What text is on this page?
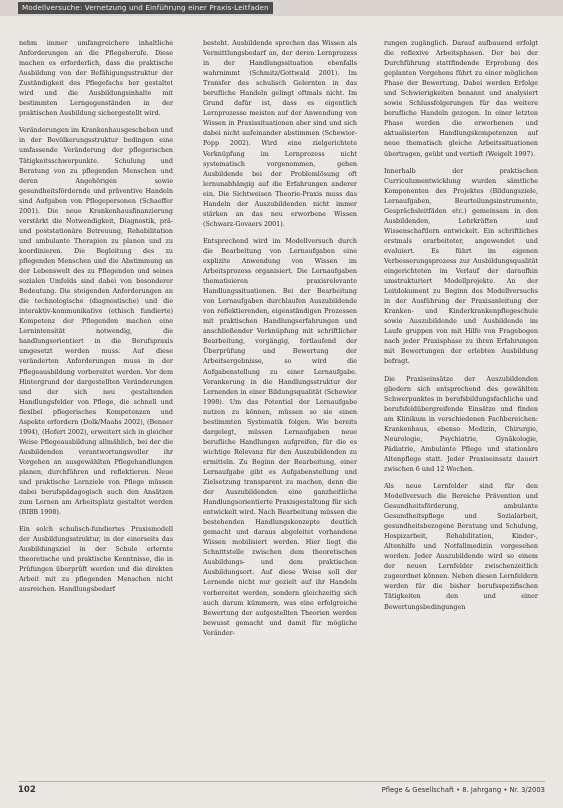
Modellversuche: Vernetzung und Einführung einer Praxis-Leitfaden

nehm immer umfangreichere inhaltliche Anforderungen an die Pflegeberufe. Diese machen es erforderlich, dass die praktische Ausbildung von der Befähigungsstruktur der Zuständigkeit des Pflegefachs her gestaltet wird und die Ausbildungsinhalte mit bestimmten Lerngegenständen in der praktischen Ausbildung sichergestellt wird.

Veränderungen im Krankenhausgeschehen und in der Bevölkerungsstruktur bedingen eine umfassende Veränderung der pflegerischen Tätigkeitsschwerpunkte. Schulung und Beratung von zu pflegenden Menschen und deren Angehörigen sowie gesundheitsfördernde und präventive Handeln sind Aufgaben von Pflegepersonen (Schaeffer 2001). Die neue Krankenhausfinanzierung verstärkt die Notwendigkeit, Diagnostik, prä- und poststationäre Betreuung, Rehabilitation und ambulante Therapien zu planen und zu koordinieren. Die Begleitung des zu pflegenden Menschen und die Abstimmung an der Lebenswelt des zu Pflegenden und seines sozialen Umfelds sind dabei von besonderer Bedeutung. Die steigenden Anforderungen an die technologische (diagnostische) und die interaktiv-kommunikative (ethisch fundierte) Kompetenz der Pflegenden machen eine Lernintensität notwendig, die handlungsorientiert in die Berufspraxis umgesetzt werden muss. Auf diese veränderten Anforderungen muss in der Pflegeausbildung vorbereitet werden. Vor dem Hintergrund der dargestellten Veränderungen und der sich neu gestaltenden Handlungsfelder von Pflege, die schnell und flexibel pflegerisches Kompetenzen und Aspekte erfordern (Dolk/Maahs 2002), (Benner 1994), (Hofert 2002), erweitert sich in gleicher Weise Pflegeausbildung allmählich, bei der die Ausbildenden verantwortungsvoller ihr Vorgehen an ausgewählten Pflegehandlungen planen, durchführen und reflektieren. Neue und praktische Lernziele von Pflege müssen dabei berufspädagogisch auch den Ansätzen zum Lernen am Arbeitsplatz gestaltet werden (BIBB 1998).

Ein solch schulisch-fundiertes Praxismodell der Ausbildungsstruktur, in der einerseits das Ausbildungsziel in der Schule erlernte theoretische und praktische Kenntnisse, die in Prüfungen überprüft werden und die direkten Arbeit mit zu pflegenden Menschen nicht ausreichen. Handlungsbedarf

besteht. Ausbildende sprechen das Wissen als Vermittlungsbedarf an, der deren Lernprozess in der Handlungssituation ebenfalls wahrnimmt (Schmitz/Gottwald 2001). Im Transfer des schulisch Gelernten in das berufliche Handeln gelingt oftmals nicht. Im Grund dafür ist, dass es eigentlich Lernprozesse meisten auf der Anwendung von Wissen in Praxissituationen aber sind und sich dabei nicht aufeinander abstimmen (Schewior-Popp 2002). Wird eine zielgerichtete Verknüpfung im Lernprozess nicht systematisch vorgenommen, gehen Ausbildende bei der Problemlösung oft lernunabhängig auf die Erfahrungen anderer ein. Die Sichtweisen Theorie-Praxis muss das Handeln der Auszubildenden nicht immer stärken an das neu erworbene Wissen (Schwarz-Govaers 2001).

Entsprechend wird im Modellversuch durch die Bearbeitung von Lernaufgaben eine explizite Anwendung von Wissen im Arbeitsprozess organisiert. Die Lernaufgaben thematisieren praxisrelevante Handlungssituationen. Bei der Bearbeitung von Lernaufgaben durchlaufen Auszubildende von reflektierenden, eigenständigen Prozessen mit praktischen Handlungserfahrungen und anschließender Verknüpfung mit schriftlicher Bearbeitung, vorgängig, fortlaufend der Überprüfung und Bewertung der Arbeitsergebnisse, so wird die Aufgabenstellung zu einer Lernaufgabe. Verankerung in die Handlungsstruktur der Lernenden in einer Bildungsqualität (Schewior 1998). Um das Potential der Lernaufgabe nutzen zu können, müssen so sie einen bestimmten Systematik folgen. Wie bereits dargelegt, müssen Lernaufgaben neue berufliche Handlungen aufgreifen, für die es wichtige Relevanz für den Auszubildenden zu ermitteln. Zu Beginn der Bearbeitung, einer Lernaufgabe gibt es Aufgabenstellung und Zielsetzung transparent zu machen, denn die der Auszubildenden eine ganzheitliche Handlungsorientierte Praxisgestaltung für sich entwickelt wird. Nach Bearbeitung müssen die bestehenden Handlungskonzepte deutlich gemacht und daraus abgeleitet vorhandene Wissen mobilisiert werden. Hier liegt die Schnittstelle zwischen dem theoretischen Ausbildungs- und dem praktischen Ausbildungsort. Auf diese Weise soll der Lernende nicht nur gezielt auf ihr Handeln vorbereitet werden, sondern gleichzeitig sich auch darum kümmern, was eine erfolgreiche Bewertung der aufgestellten Theorien werden bewusst gemacht und damit für mögliche Veränder-

rungen zugänglich. Darauf aufbauend erfolgt die reflexive Arbeitsphasen. Der bei der Durchführung stattfindende Erprobung des geplanten Vorgehens führt zu einer möglichen Phase der Bewertung. Dabei werden Erfolge und Schwierigkeiten benannt und analysiert sowie Schlussfolgerungen für das weitere berufliche Handeln gezogen. In einer letzten Phase werden die erworbenen und aktualisierten Handlungskompetenzen auf neue thematisch gleiche Arbeitssituationen übertragen, geübt und vertieft (Weigelt 1997).

Innerhalb der praktischen Curriculumentwicklung wurden sämtliche Komponenten des Projektes (Bildungsziele, Lernaufgaben, Beurteilungsinstrumente, Gesprächsleitfäden etc.) gemeinsam in den Ausbildenden, Lehrkräften und Wissenschaftlern entwickelt. Ein schriftliches erstmals erarbeiteter, angewendet und evaluiert. Es führt im eigenen Verbesserungsprozess zur Ausbildungsqualität eingerichteten im Verlauf der daraufhin umstrukturiert Modellprojekte. An der Leitdokument zu Beginn des Modellversuchs in der Ausführung der Praxisanleitung der Kranken- und Kinderkrankenpflegeschule sowie Auszubildende und Ausbildende im Laufe gruppen von mit Hilfe von Fragebogen nach jeder Praxisphase zu ihren Erfahrungen mit Bewertungen der erlebten Ausbildung befragt.

Die Praxiseinsätze der Auszubildenden gliedern sich entsprechend des gewählten Schwerpunktes in berufsbildungsfachliche und berufsfeldübergreifende Einsätze und finden am Klinikum in verschiedenen Fachbereichen: Krankenhaus, ebenso Medizin, Chirurgie, Neurologie, Psychiatrie, Gynäkologie, Pädiatrie, Ambulante Pflege und stationäre Altenpflege statt. Jeder Praxiseinsatz dauert zwischen 6 und 12 Wochen.

Als neue Lernfelder sind für den Modellversuch die Bereiche Prävention und Gesundheitsförderung, ambulante Gesundheitspflege und Sozialarbeit, gesundheitsbezogene Beratung und Schulung, Hospizarbeit, Rehabilitation, Kinder-, Altenhilfe und Notfallmedizin vorgesehen worden. Jeder Auszubildende wird so einem der neuen Lernfelder zwischenzeitlich zugeordnet können. Neben diesen Lernfeldern werden für die bisher berufsspezifischen Tätigkeiten den und einer Bewertungsbedingungen

102	Pflege & Gesellschaft • 8. Jahrgang • Nr. 3/2003
